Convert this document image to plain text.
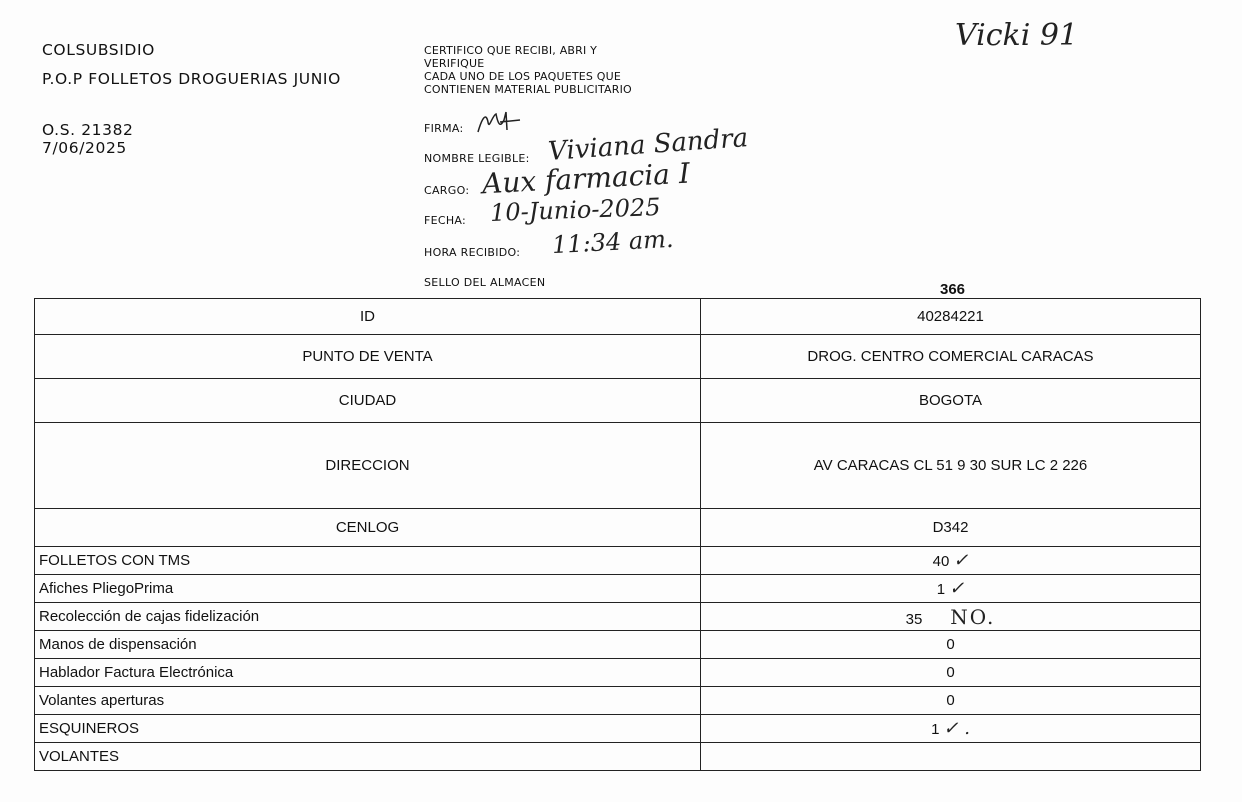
COLSUBSIDIO
P.O.P FOLLETOS DROGUERIAS JUNIO
O.S. 21382
7/06/2025
CERTIFICO QUE RECIBI, ABRI Y
VERIFIQUE
CADA UNO DE LOS PAQUETES QUE
CONTIENEN MATERIAL PUBLICITARIO
Vicki 91
FIRMA:
NOMBRE LEGIBLE: Viviana Sandra
CARGO: Aux farmacia I
FECHA: 10-Junio-2025
HORA RECIBIDO: 11:34 am.
SELLO DEL ALMACEN	366
ID	40284221
PUNTO DE VENTA	DROG. CENTRO COMERCIAL CARACAS
CIUDAD	BOGOTA
DIRECCION	AV CARACAS CL 51 9 30 SUR LC 2 226
CENLOG	D342
FOLLETOS CON TMS	40 ✓
Afiches PliegoPrima	1 ✓
Recolección de cajas fidelización	35 NO.
Manos de dispensación	0
Hablador Factura Electrónica	0
Volantes aperturas	0
ESQUINEROS	1 ✓ .
VOLANTES	
